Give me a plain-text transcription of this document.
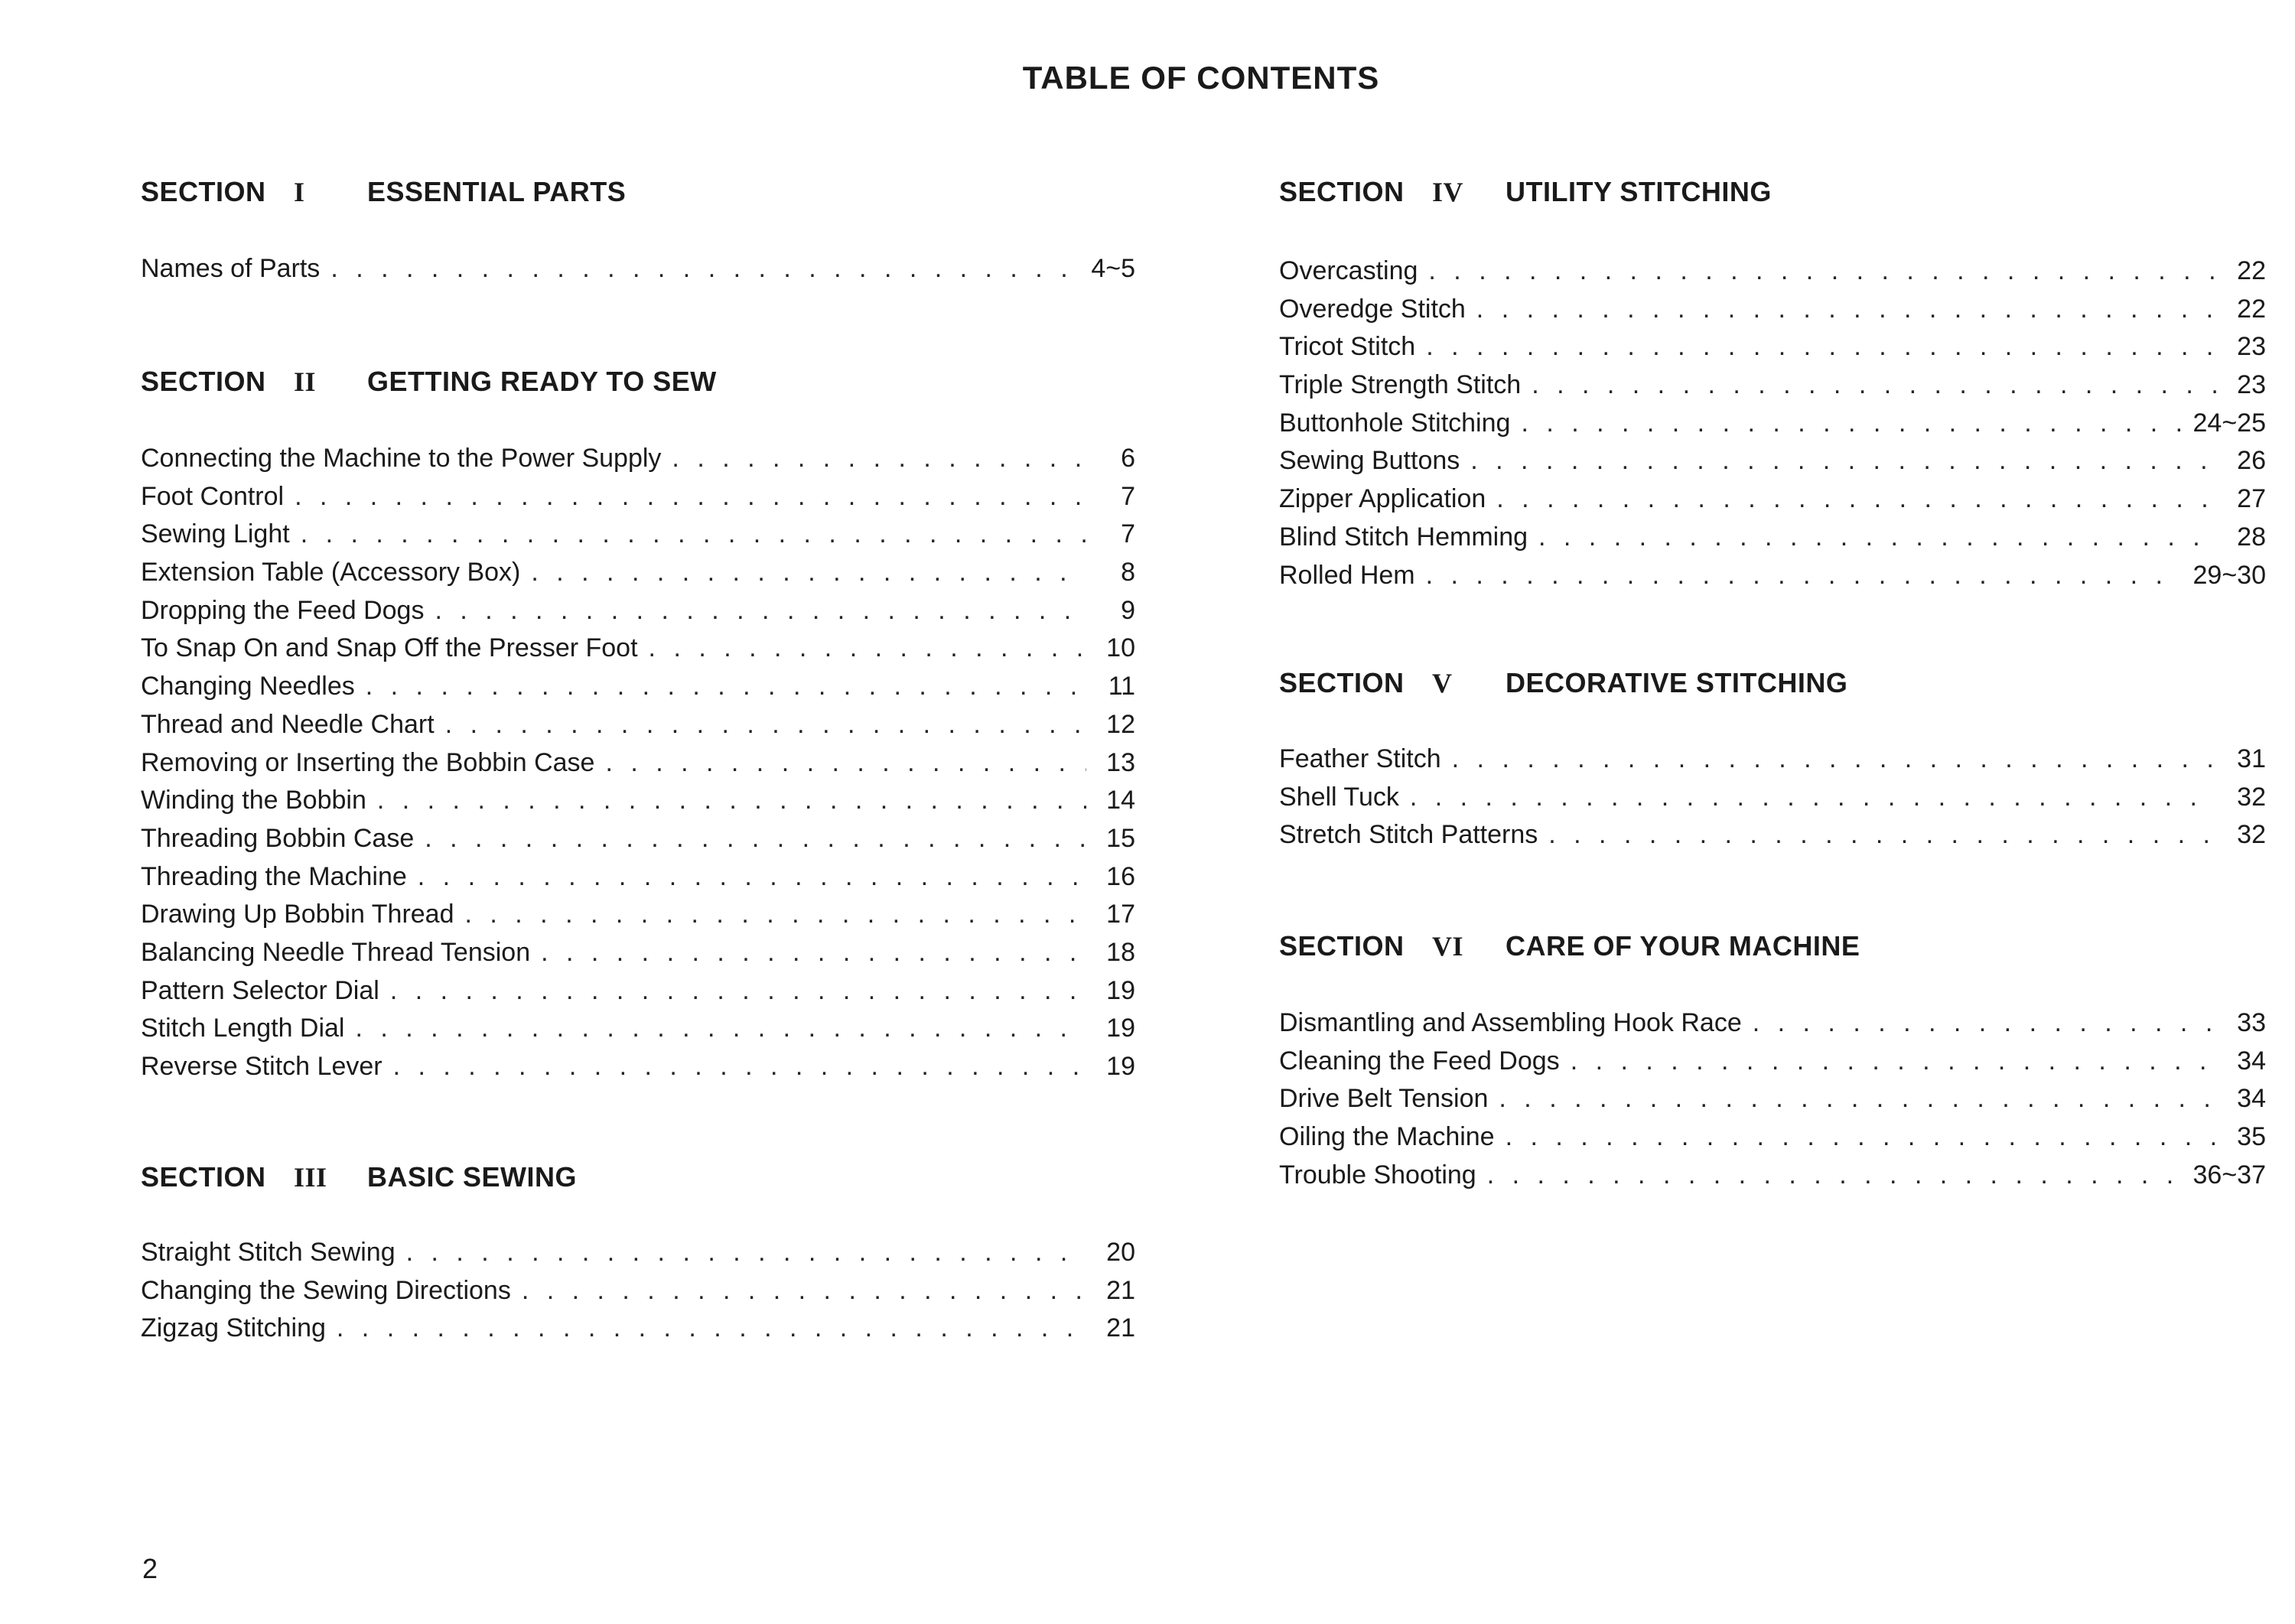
TABLE OF CONTENTS
SECTION I ESSENTIAL PARTS
Names of Parts . . .	4~5
SECTION II GETTING READY TO SEW
Connecting the Machine to the Power Supply . . .	6
Foot Control . . .	7
Sewing Light . . .	7
Extension Table (Accessory Box) . . .	8
Dropping the Feed Dogs . . .	9
To Snap On and Snap Off the Presser Foot . . .	10
Changing Needles . . .	11
Thread and Needle Chart . . .	12
Removing or Inserting the Bobbin Case . . .	13
Winding the Bobbin . . .	14
Threading Bobbin Case . . .	15
Threading the Machine . . .	16
Drawing Up Bobbin Thread . . .	17
Balancing Needle Thread Tension . . .	18
Pattern Selector Dial . . .	19
Stitch Length Dial . . .	19
Reverse Stitch Lever . . .	19
SECTION III BASIC SEWING
Straight Stitch Sewing . . .	20
Changing the Sewing Directions . . .	21
Zigzag Stitching . . .	21
SECTION IV UTILITY STITCHING
Overcasting . . .	22
Overedge Stitch . . .	22
Tricot Stitch . . .	23
Triple Strength Stitch . . .	23
Buttonhole Stitching . . .	24~25
Sewing Buttons . . .	26
Zipper Application . . .	27
Blind Stitch Hemming . . .	28
Rolled Hem . . .	29~30
SECTION V DECORATIVE STITCHING
Feather Stitch . . .	31
Shell Tuck . . .	32
Stretch Stitch Patterns . . .	32
SECTION VI CARE OF YOUR MACHINE
Dismantling and Assembling Hook Race . . .	33
Cleaning the Feed Dogs . . .	34
Drive Belt Tension . . .	34
Oiling the Machine . . .	35
Trouble Shooting . . .	36~37
2
